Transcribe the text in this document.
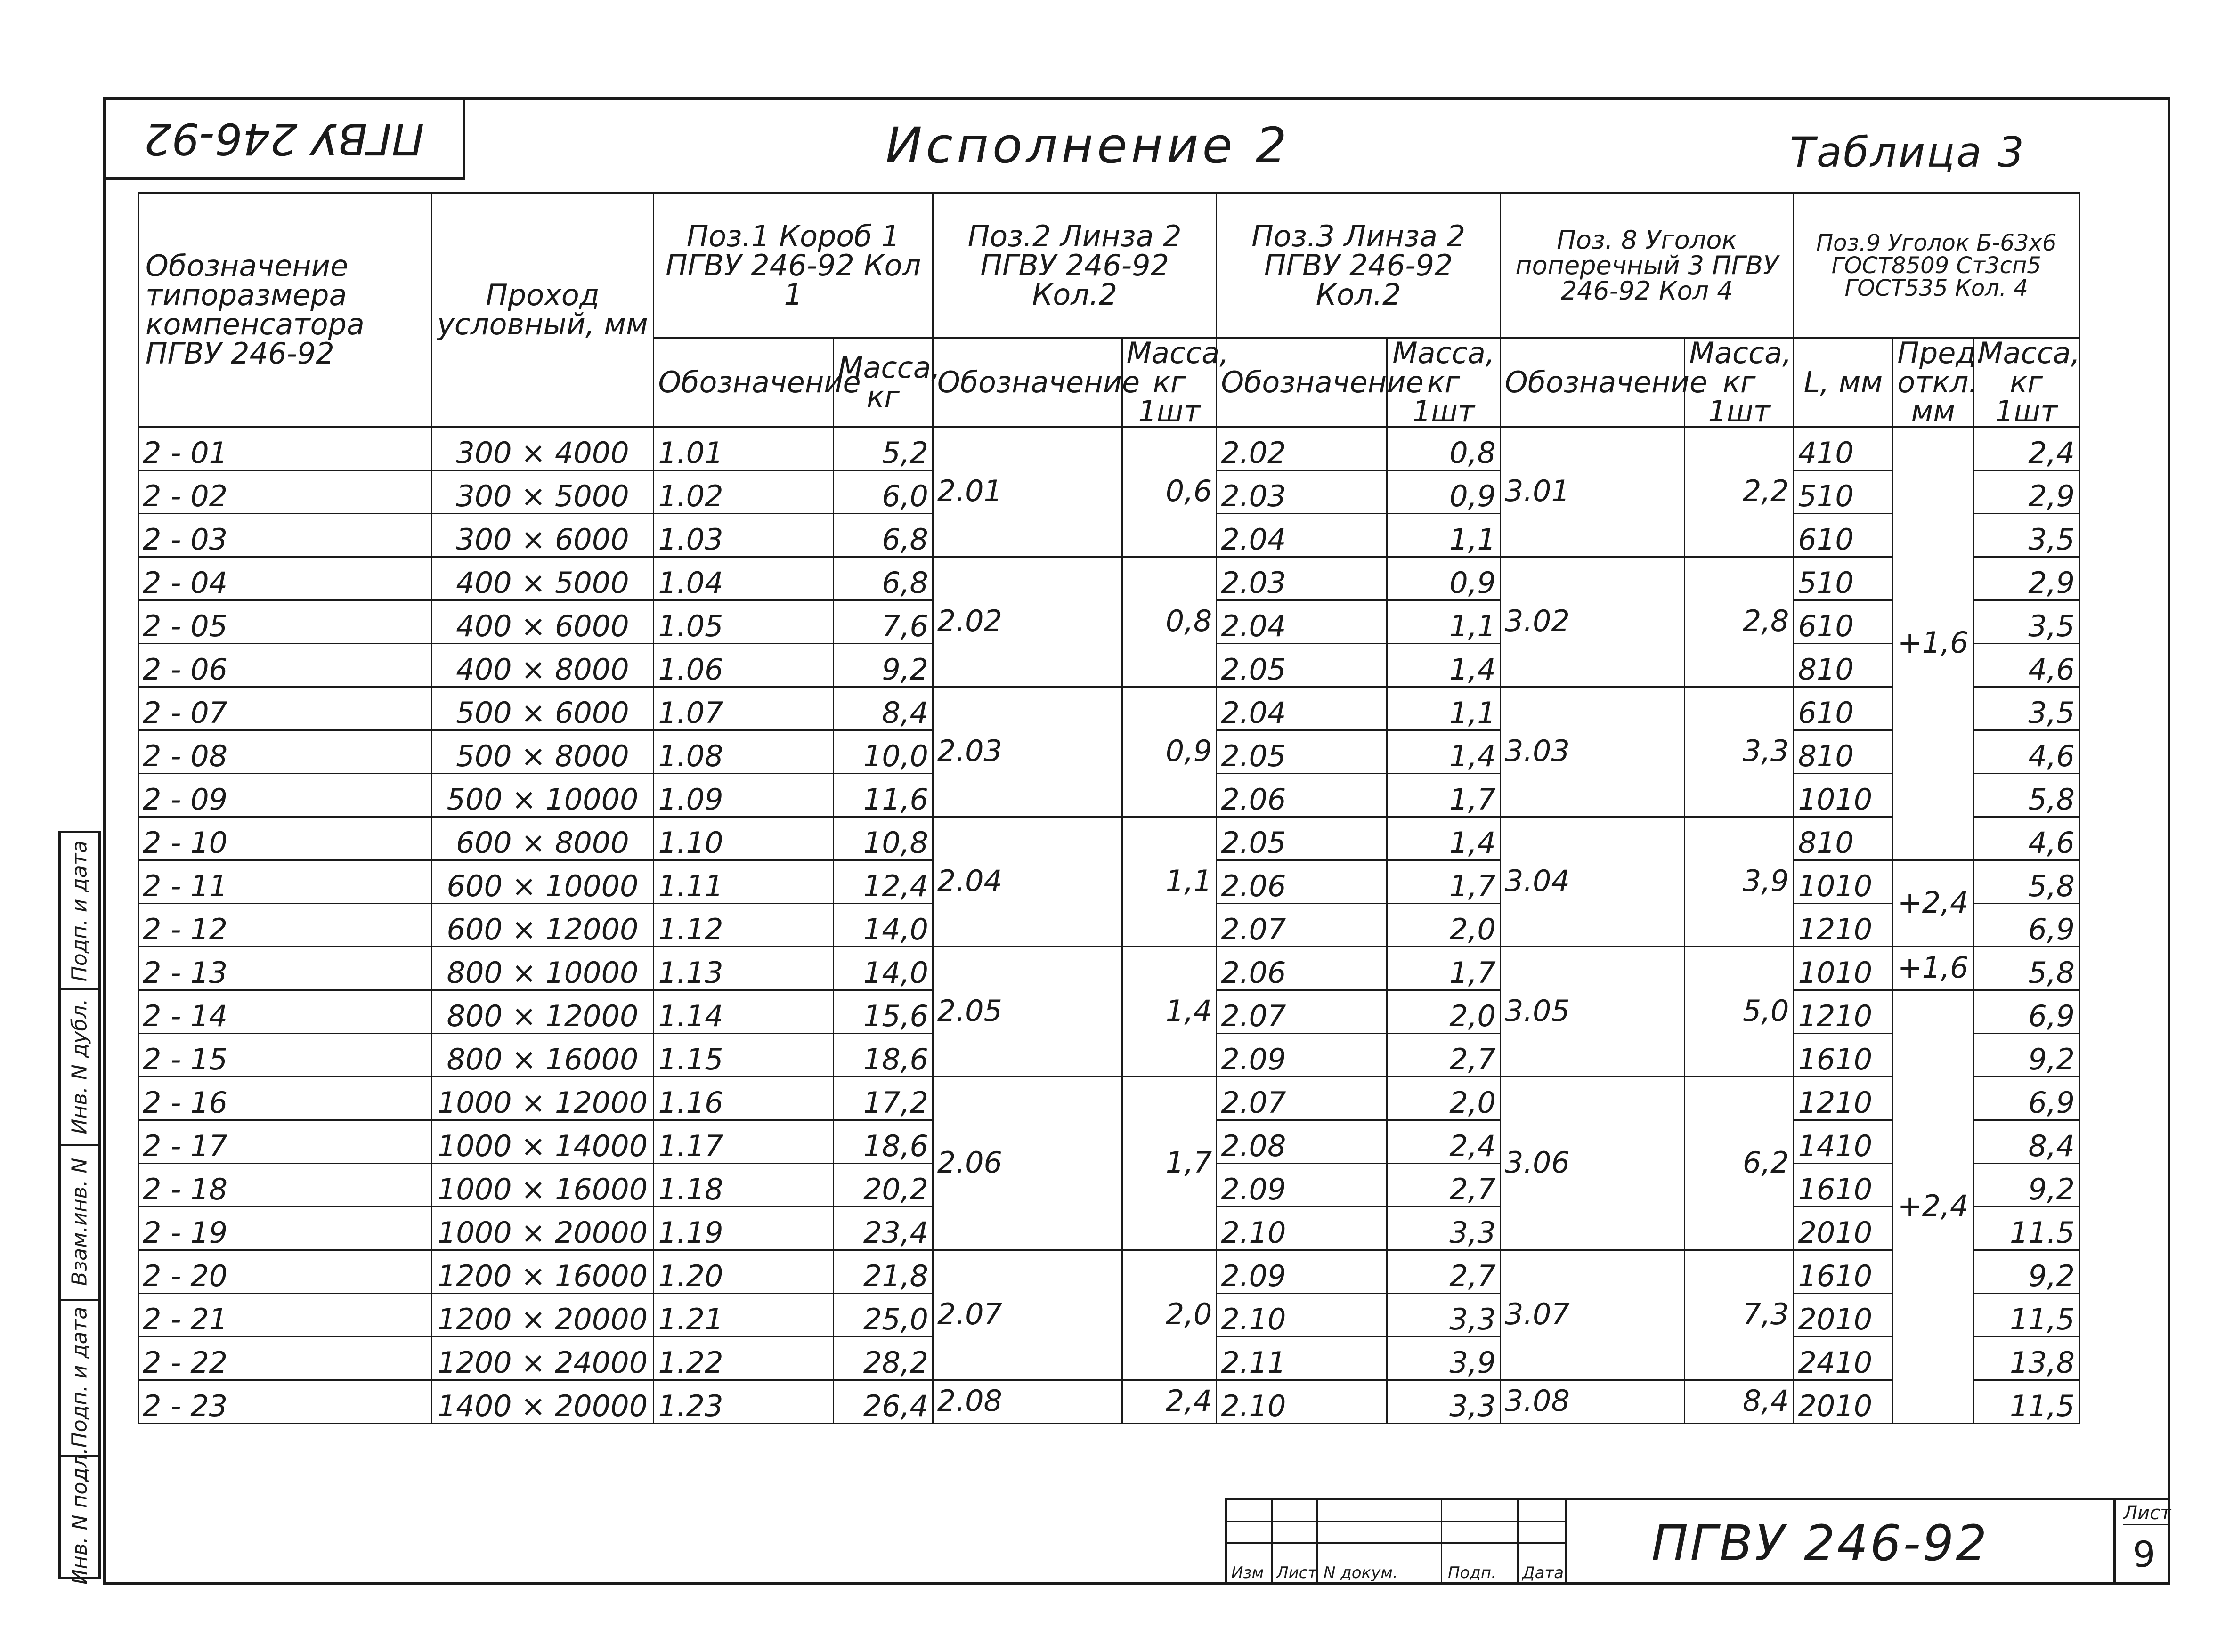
ПГВУ 246-92	Исполнение 2	Таблица 3
Обозначение типоразмера компенсатора ПГВУ 246-92	Проход условный, мм	Поз.1 Короб 1 ПГВУ 246-92 Кол 1		Поз.2 Линза 2 ПГВУ 246-92 Кол.2		Поз.3 Линза 2 ПГВУ 246-92 Кол.2		Поз. 8 Уголок поперечный 3 ПГВУ 246-92 Кол 4		Поз.9 Уголок Б-63х6 ГОСТ8509 Ст3сп5 ГОСТ535 Кол. 4		
		Обозначение	Масса, кг	Обозначение	Масса, кг 1шт	Обозначение	Масса, кг 1шт	Обозначение	Масса, кг 1шт	L, мм	Пред. откл. мм	Масса, кг 1шт
2 - 01	300 × 4000	1.01	5,2	2.01	0,6	2.02	0,8	3.01	2,2	410	+1,6	2,4
2 - 02	300 × 5000	1.02	6,0			2.03	0,9			510		2,9
2 - 03	300 × 6000	1.03	6,8			2.04	1,1			610		3,5
2 - 04	400 × 5000	1.04	6,8	2.02	0,8	2.03	0,9	3.02	2,8	510		2,9
2 - 05	400 × 6000	1.05	7,6			2.04	1,1			610		3,5
2 - 06	400 × 8000	1.06	9,2			2.05	1,4			810		4,6
2 - 07	500 × 6000	1.07	8,4	2.03	0,9	2.04	1,1	3.03	3,3	610		3,5
2 - 08	500 × 8000	1.08	10,0			2.05	1,4			810		4,6
2 - 09	500 × 10000	1.09	11,6			2.06	1,7			1010		5,8
2 - 10	600 × 8000	1.10	10,8	2.04	1,1	2.05	1,4	3.04	3,9	810		4,6
2 - 11	600 × 10000	1.11	12,4			2.06	1,7			1010	+2,4	5,8
2 - 12	600 × 12000	1.12	14,0			2.07	2,0			1210		6,9
2 - 13	800 × 10000	1.13	14,0	2.05	1,4	2.06	1,7	3.05	5,0	1010	+1,6	5,8
2 - 14	800 × 12000	1.14	15,6			2.07	2,0			1210	+2,4	6,9
2 - 15	800 × 16000	1.15	18,6			2.09	2,7			1610		9,2
2 - 16	1000 × 12000	1.16	17,2	2.06	1,7	2.07	2,0	3.06	6,2	1210		6,9
2 - 17	1000 × 14000	1.17	18,6			2.08	2,4			1410		8,4
2 - 18	1000 × 16000	1.18	20,2			2.09	2,7			1610		9,2
2 - 19	1000 × 20000	1.19	23,4			2.10	3,3			2010		11.5
2 - 20	1200 × 16000	1.20	21,8	2.07	2,0	2.09	2,7	3.07	7,3	1610		9,2
2 - 21	1200 × 20000	1.21	25,0			2.10	3,3			2010		11,5
2 - 22	1200 × 24000	1.22	28,2			2.11	3,9			2410		13,8
2 - 23	1400 × 20000	1.23	26,4	2.08	2,4	2.10	3,3	3.08	8,4	2010		11,5
Подп. и дата
Инв. N дубл.
Взам.инв. N
Подп. и дата
Инв. N подл.	Изм Лист N докум.	Подп. Дата
ПГВУ 246-92
Лист
9
